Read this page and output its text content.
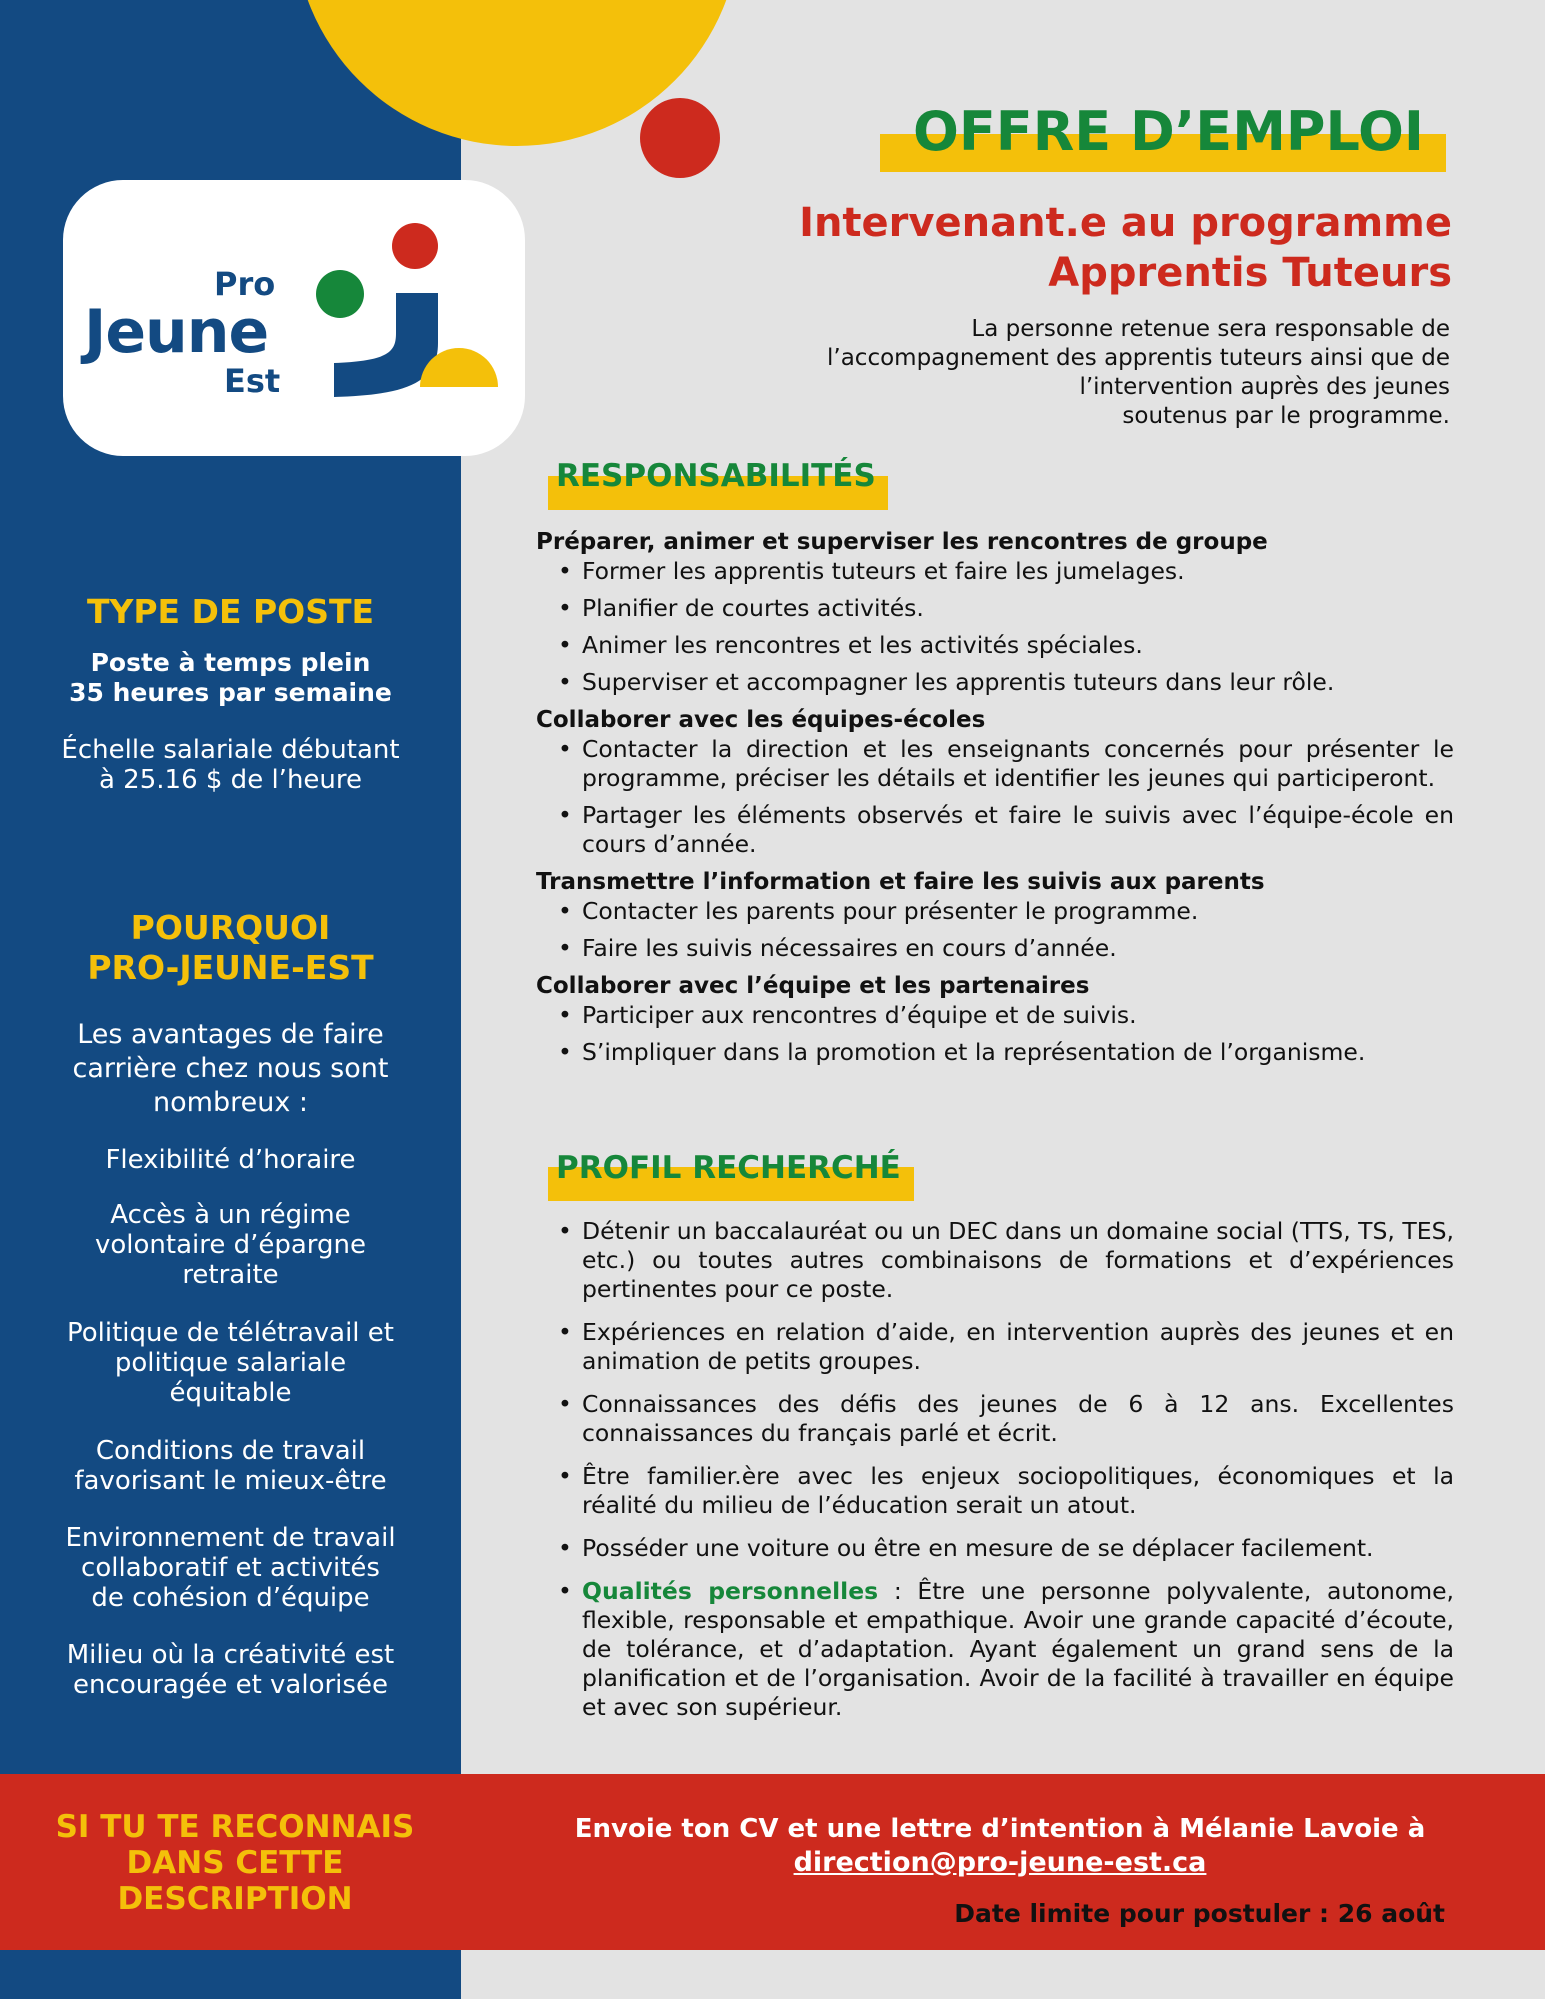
Pro
Jeune
Est
OFFRE D’EMPLOI
Intervenant.e au programme
Apprentis Tuteurs
La personne retenue sera responsable de
l’accompagnement des apprentis tuteurs ainsi que de
l’intervention auprès des jeunes
soutenus par le programme.
RESPONSABILITÉS
Préparer, animer et superviser les rencontres de groupe
• Former les apprentis tuteurs et faire les jumelages.
• Planifier de courtes activités.
• Animer les rencontres et les activités spéciales.
• Superviser et accompagner les apprentis tuteurs dans leur rôle.
Collaborer avec les équipes-écoles
• Contacter la direction et les enseignants concernés pour présenter le programme, préciser les détails et identifier les jeunes qui participeront.
• Partager les éléments observés et faire le suivis avec l’équipe-école en cours d’année.
Transmettre l’information et faire les suivis aux parents
• Contacter les parents pour présenter le programme.
• Faire les suivis nécessaires en cours d’année.
Collaborer avec l’équipe et les partenaires
• Participer aux rencontres d’équipe et de suivis.
• S’impliquer dans la promotion et la représentation de l’organisme.
PROFIL RECHERCHÉ
• Détenir un baccalauréat ou un DEC dans un domaine social (TTS, TS, TES, etc.) ou toutes autres combinaisons de formations et d’expériences pertinentes pour ce poste.
• Expériences en relation d’aide, en intervention auprès des jeunes et en animation de petits groupes.
• Connaissances des défis des jeunes de 6 à 12 ans. Excellentes connaissances du français parlé et écrit.
• Être familier.ère avec les enjeux sociopolitiques, économiques et la réalité du milieu de l’éducation serait un atout.
• Posséder une voiture ou être en mesure de se déplacer facilement.
• Qualités personnelles : Être une personne polyvalente, autonome, flexible, responsable et empathique. Avoir une grande capacité d’écoute, de tolérance, et d’adaptation. Ayant également un grand sens de la planification et de l’organisation. Avoir de la facilité à travailler en équipe et avec son supérieur.
TYPE DE POSTE
Poste à temps plein
35 heures par semaine
Échelle salariale débutant
à 25.16 $ de l’heure
POURQUOI
PRO-JEUNE-EST
Les avantages de faire
carrière chez nous sont
nombreux :
Flexibilité d’horaire
Accès à un régime
volontaire d’épargne
retraite
Politique de télétravail et
politique salariale
équitable
Conditions de travail
favorisant le mieux-être
Environnement de travail
collaboratif et activités
de cohésion d’équipe
Milieu où la créativité est
encouragée et valorisée
SI TU TE RECONNAIS
DANS CETTE
DESCRIPTION
Envoie ton CV et une lettre d’intention à Mélanie Lavoie à
direction@pro-jeune-est.ca
Date limite pour postuler : 26 août
